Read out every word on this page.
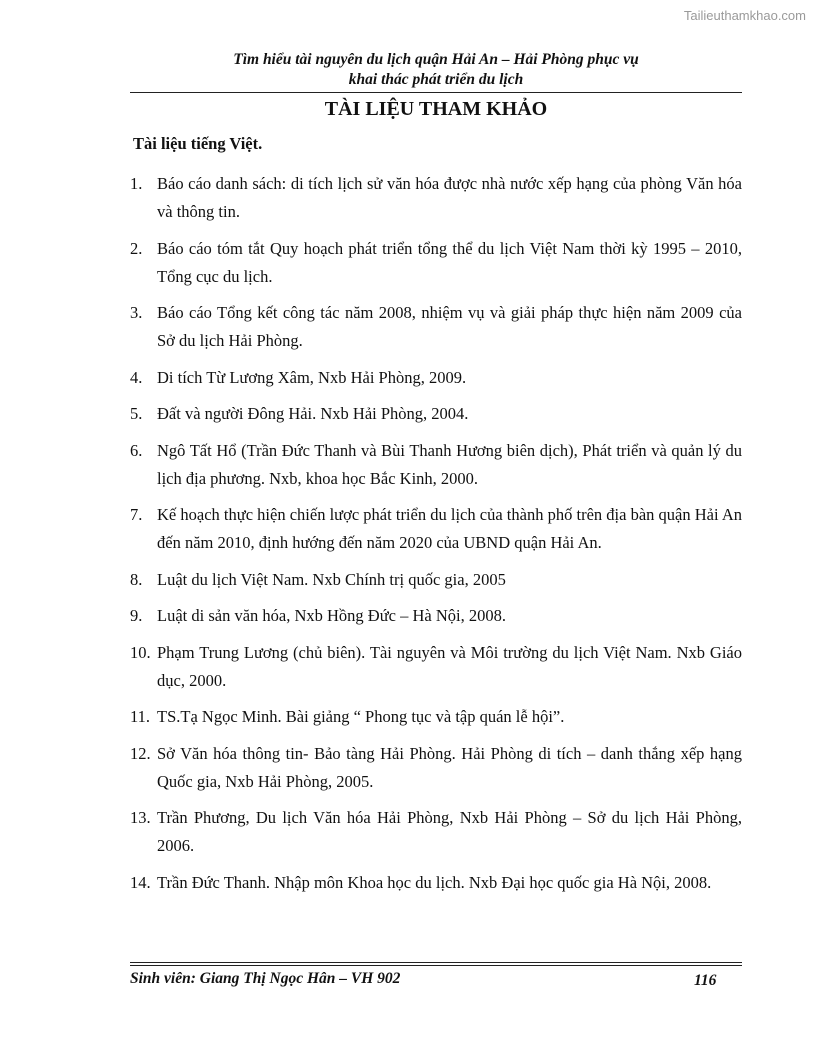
Tailieuthamkhao.com
Tìm hiểu tài nguyên du lịch quận Hải An – Hải Phòng phục vụ
khai thác phát triển du lịch
TÀI LIỆU THAM KHẢO
Tài liệu tiếng Việt.
1. Báo cáo danh sách: di tích lịch sử văn hóa được nhà nước xếp hạng của phòng Văn hóa và thông tin.
2. Báo cáo tóm tắt Quy hoạch phát triển tổng thể du lịch Việt Nam thời kỳ 1995 – 2010, Tổng cục du lịch.
3. Báo cáo Tổng kết công tác năm 2008, nhiệm vụ và giải pháp thực hiện năm 2009 của Sở du lịch Hải Phòng.
4. Di tích Từ Lương Xâm, Nxb Hải Phòng, 2009.
5. Đất và người Đông Hải. Nxb Hải Phòng, 2004.
6. Ngô Tất Hổ (Trần Đức Thanh và Bùi Thanh Hương biên dịch), Phát triển và quản lý du lịch địa phương. Nxb, khoa học Bắc Kinh, 2000.
7. Kế hoạch thực hiện chiến lược phát triển du lịch của thành phố trên địa bàn quận Hải An đến năm 2010, định hướng đến năm 2020 của UBND quận Hải An.
8. Luật du lịch Việt Nam. Nxb Chính trị quốc gia, 2005
9. Luật di sản văn hóa, Nxb Hồng Đức – Hà Nội, 2008.
10. Phạm Trung Lương (chủ biên). Tài nguyên và Môi trường du lịch Việt Nam. Nxb Giáo dục, 2000.
11. TS.Tạ Ngọc Minh. Bài giảng “ Phong tục và tập quán lễ hội”.
12. Sở Văn hóa thông tin- Bảo tàng Hải Phòng. Hải Phòng di tích – danh thắng xếp hạng Quốc gia, Nxb Hải Phòng, 2005.
13. Trần Phương, Du lịch Văn hóa Hải Phòng, Nxb Hải Phòng – Sở du lịch Hải Phòng, 2006.
14. Trần Đức Thanh. Nhập môn Khoa học du lịch. Nxb Đại học quốc gia Hà Nội, 2008.
Sinh viên: Giang Thị Ngọc Hân – VH 902	116
